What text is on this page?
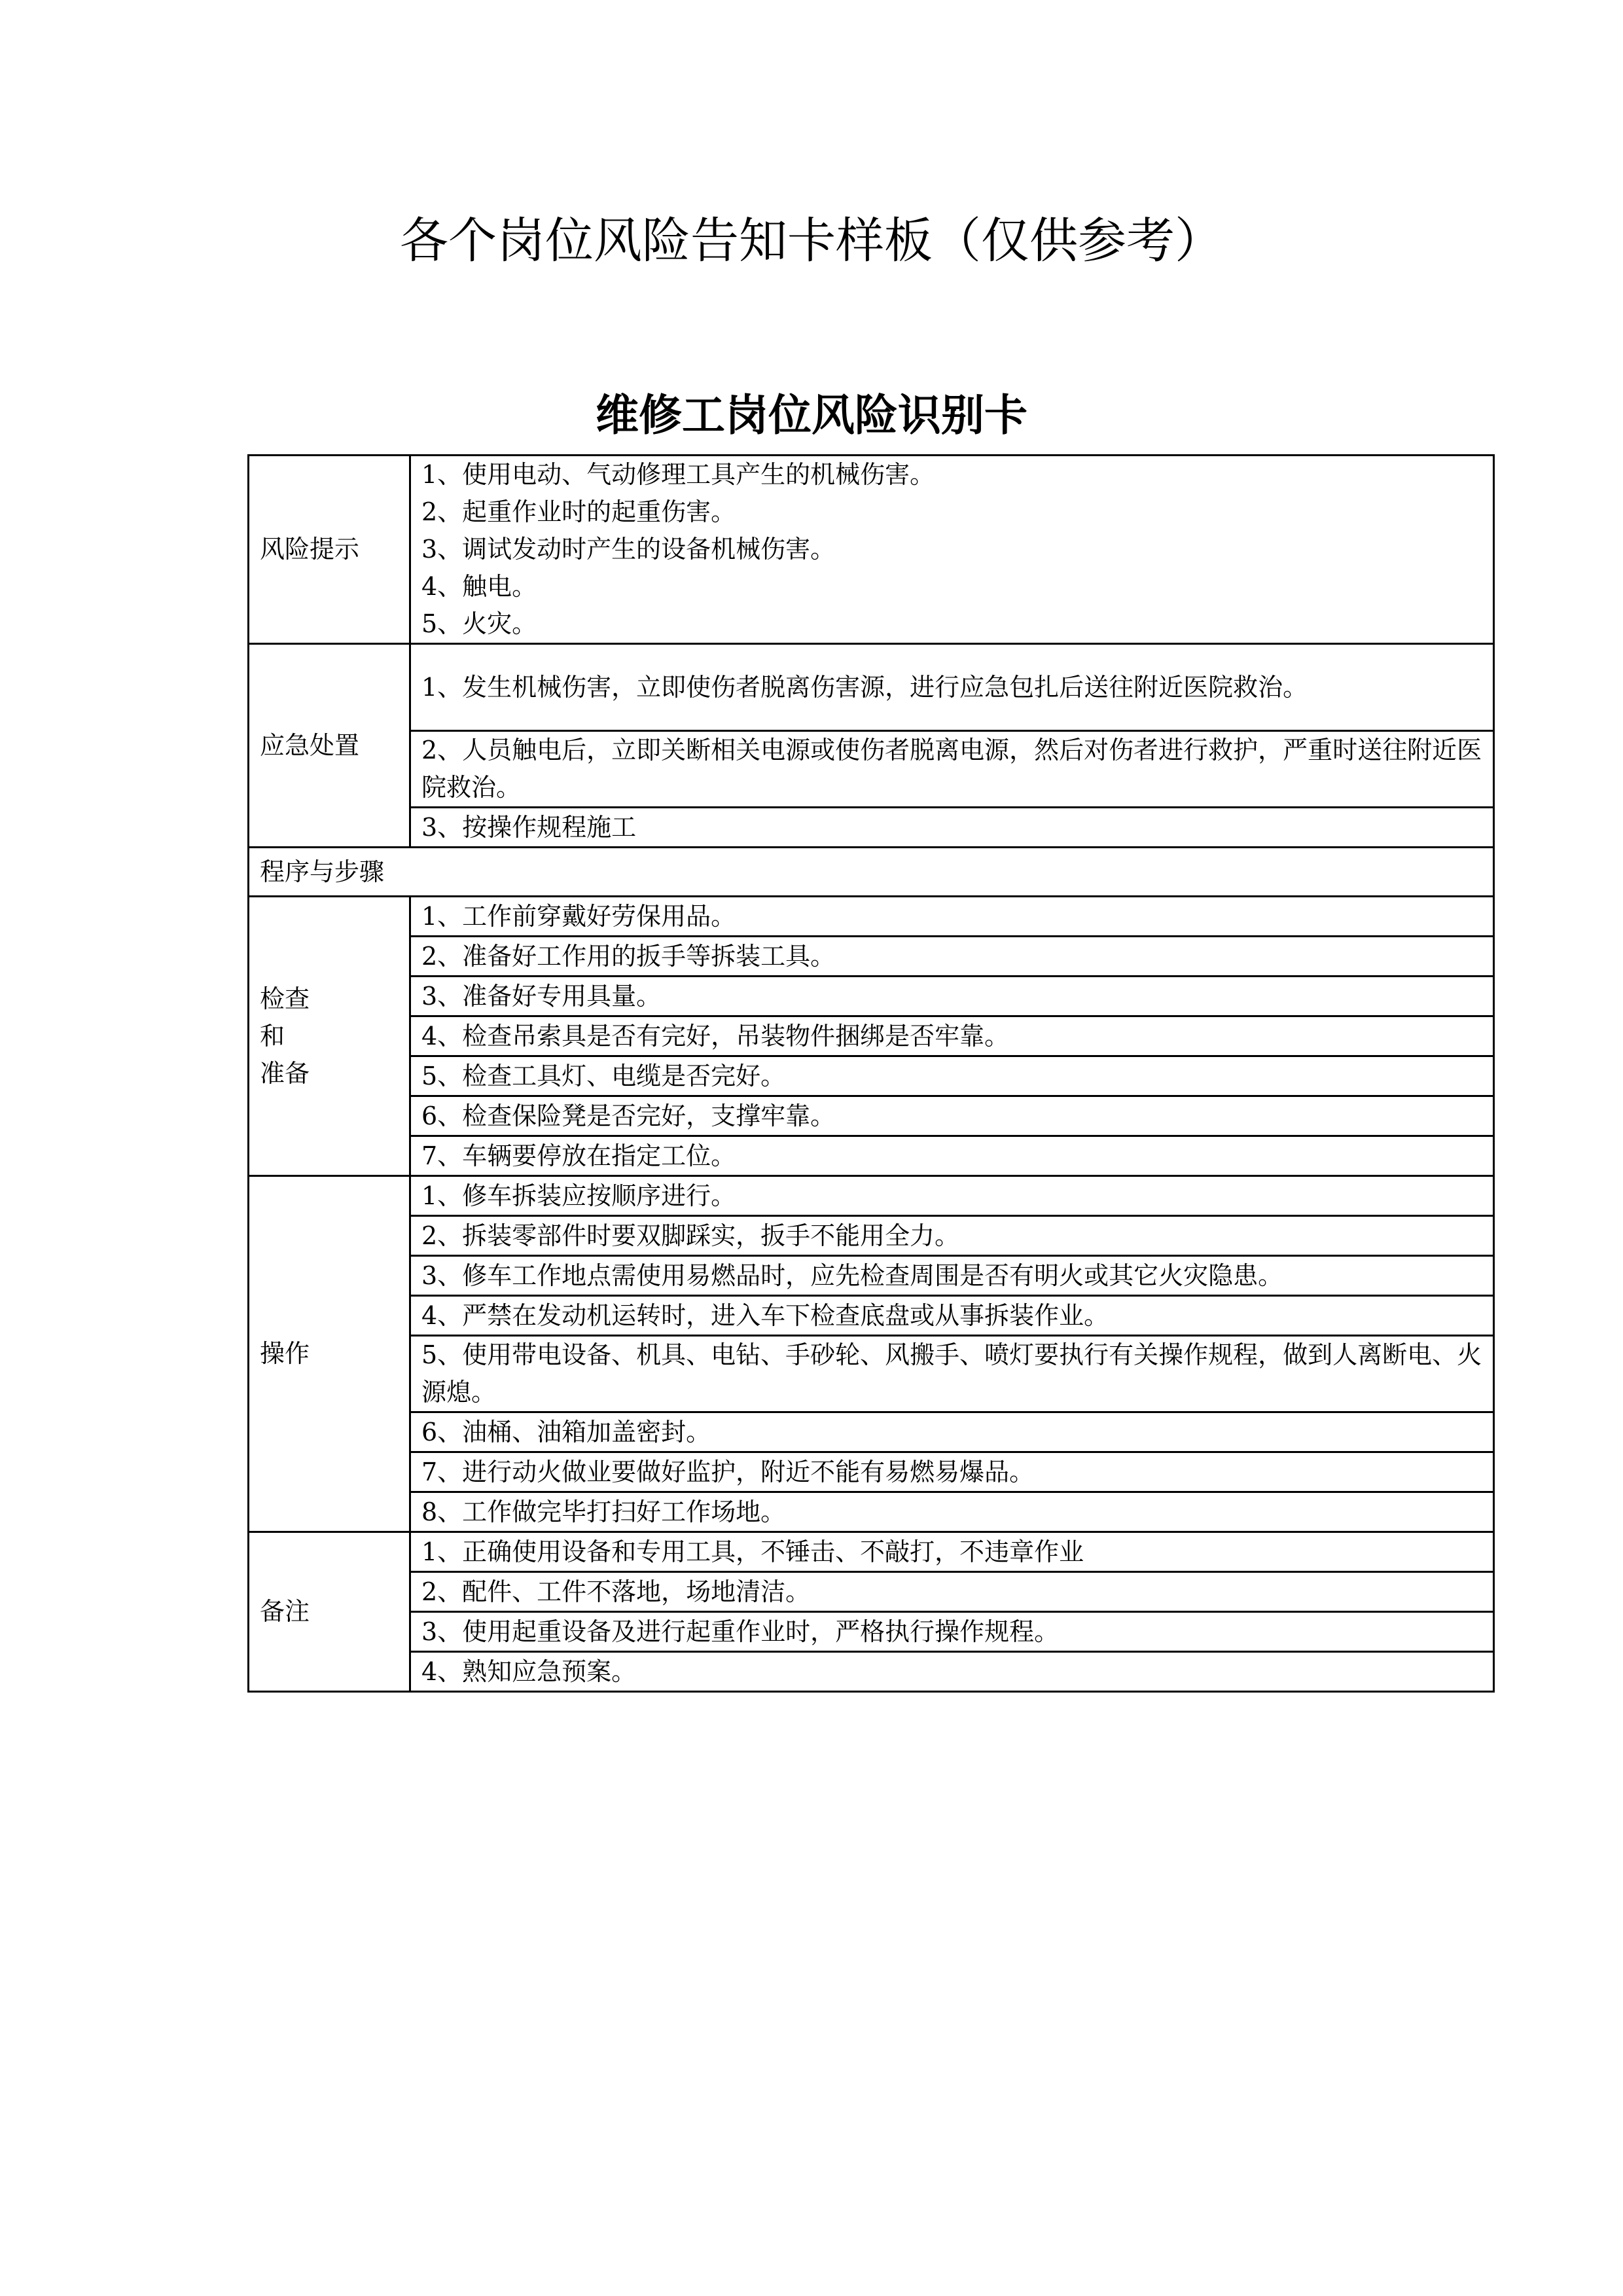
各个岗位风险告知卡样板（仅供参考）
维修工岗位风险识别卡
风险提示	1、使用电动、气动修理工具产生的机械伤害。
2、起重作业时的起重伤害。
3、调试发动时产生的设备机械伤害。
4、触电。
5、火灾。

应急处置	1、发生机械伤害，立即使伤者脱离伤害源，进行应急包扎后送往附近医院救治。
	2、人员触电后，立即关断相关电源或使伤者脱离电源，然后对伤者进行救护，严重时送往附近医院救治。
	3、按操作规程施工
程序与步骤	

检查
和
准备	1、工作前穿戴好劳保用品。
	2、准备好工作用的扳手等拆装工具。
	3、准备好专用具量。
	4、检查吊索具是否有完好，吊装物件捆绑是否牢靠。
	5、检查工具灯、电缆是否完好。
	6、检查保险凳是否完好，支撑牢靠。
	7、车辆要停放在指定工位。
操作	1、修车拆装应按顺序进行。
	2、拆装零部件时要双脚踩实，扳手不能用全力。
	3、修车工作地点需使用易燃品时，应先检查周围是否有明火或其它火灾隐患。
	4、严禁在发动机运转时，进入车下检查底盘或从事拆装作业。
	5、使用带电设备、机具、电钻、手砂轮、风搬手、喷灯要执行有关操作规程，做到人离断电、火源熄。
	6、油桶、油箱加盖密封。
	7、进行动火做业要做好监护，附近不能有易燃易爆品。
	8、工作做完毕打扫好工作场地。
备注	1、正确使用设备和专用工具，不锤击、不敲打，不违章作业
	2、配件、工件不落地，场地清洁。
	3、使用起重设备及进行起重作业时，严格执行操作规程。
	4、熟知应急预案。
